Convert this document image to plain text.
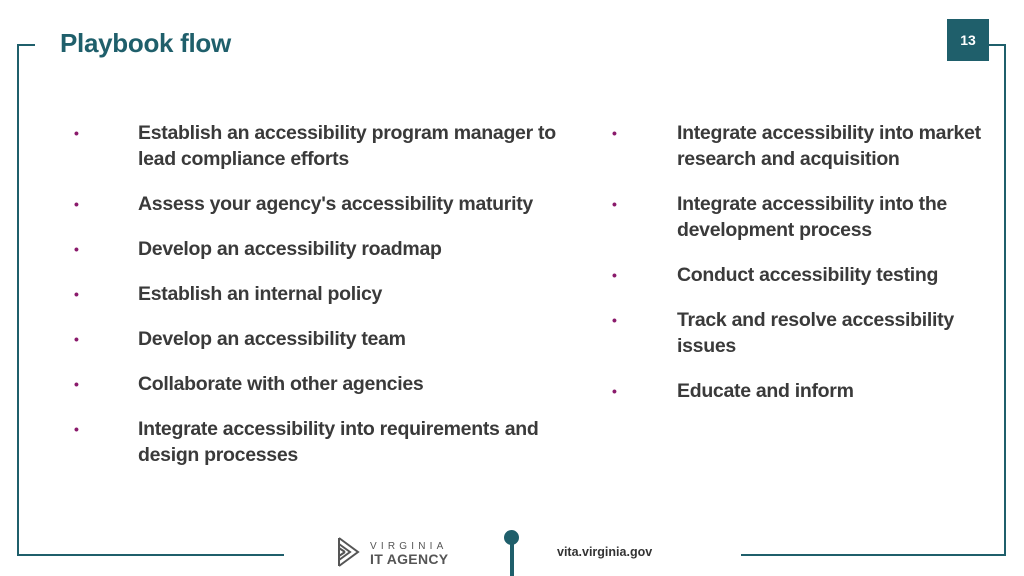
Playbook flow	13
•	Establish an accessibility program manager to lead compliance efforts
•	Assess your agency's accessibility maturity
•	Develop an accessibility roadmap
•	Establish an internal policy
•	Develop an accessibility team
•	Collaborate with other agencies
•	Integrate accessibility into requirements and design processes
•	Integrate accessibility into market research and acquisition
•	Integrate accessibility into the development process
•	Conduct accessibility testing
•	Track and resolve accessibility issues
•	Educate and inform
VIRGINIA
IT AGENCY	vita.virginia.gov
